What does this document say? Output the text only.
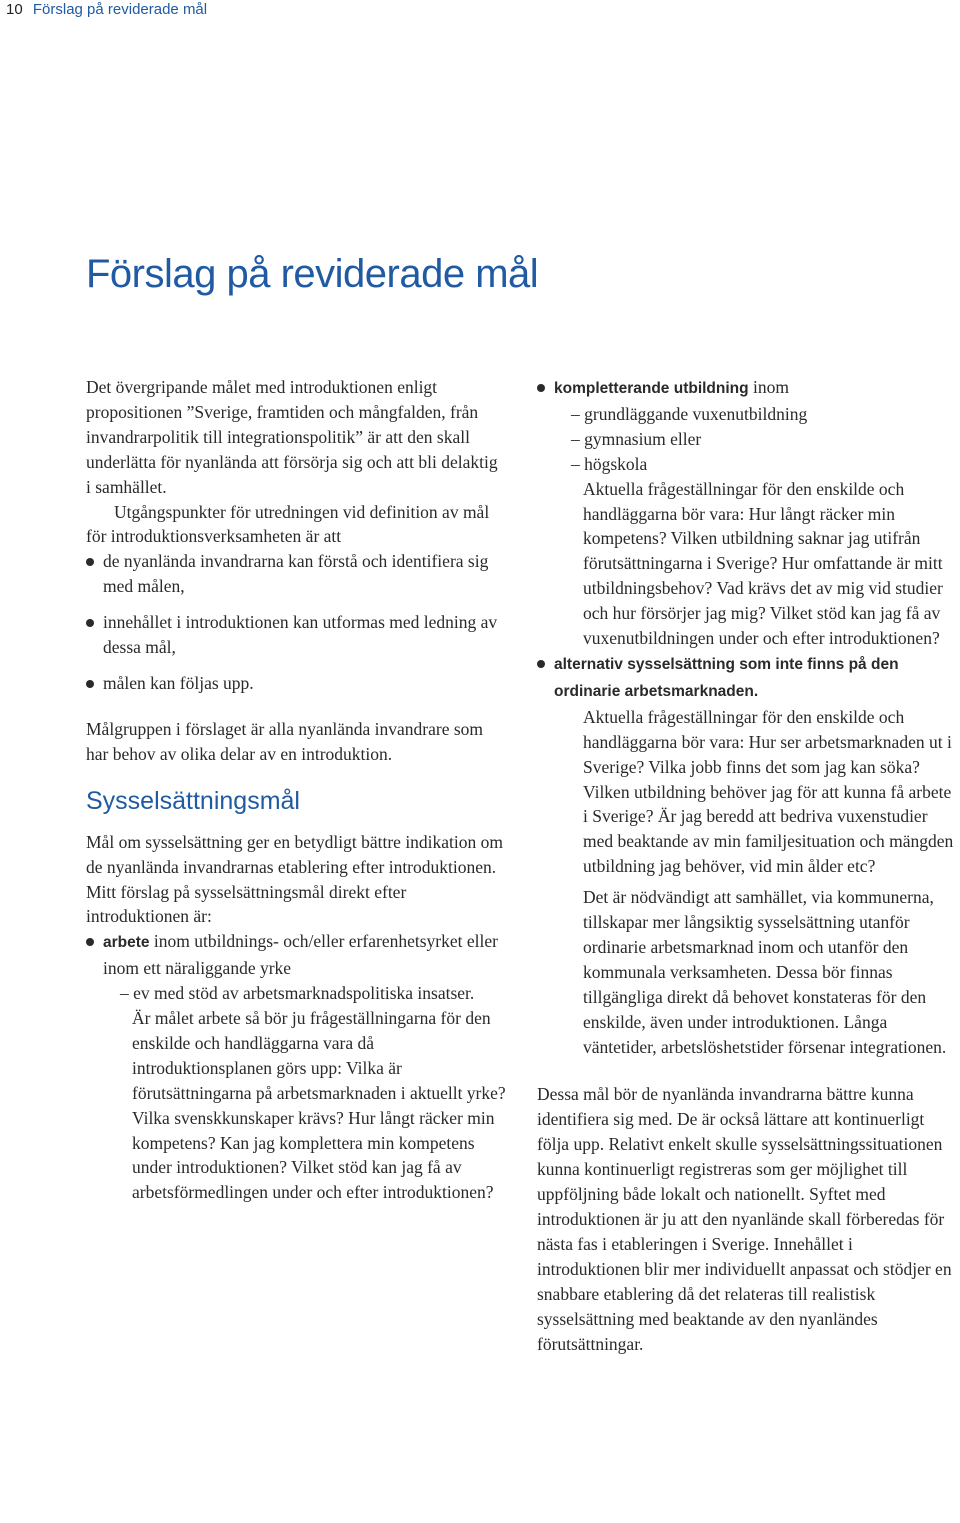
10 Förslag på reviderade mål
Förslag på reviderade mål

Det övergripande målet med introduktionen enligt propositionen ”Sverige, framtiden och mångfalden, från invandrarpolitik till integrationspolitik” är att den skall underlätta för nyanlända att försörja sig och att bli delaktig i samhället.

Utgångspunkter för utredningen vid definition av mål för introduktionsverksamheten är att

de nyanlända invandrarna kan förstå och identifiera sig med målen,
innehållet i introduktionen kan utformas med ledning av dessa mål,
målen kan följas upp.

Målgruppen i förslaget är alla nyanlända invandrare som har behov av olika delar av en introduktion.

Sysselsättningsmål

Mål om sysselsättning ger en betydligt bättre indikation om de nyanlända invandrarnas etablering efter introduktionen. Mitt förslag på sysselsättningsmål direkt efter introduktionen är:

arbete inom utbildnings- och/eller erfarenhetsyrket eller inom ett näraliggande yrke
– ev med stöd av arbetsmarknadspolitiska insatser.
Är målet arbete så bör ju frågeställningarna för den enskilde och handläggarna vara då introduktionsplanen görs upp: Vilka är förutsättningarna på arbetsmarknaden i aktuellt yrke? Vilka svenskkunskaper krävs? Hur långt räcker min kompetens? Kan jag komplettera min kompetens under introduktionen? Vilket stöd kan jag få av arbetsförmedlingen under och efter introduktionen?
kompletterande utbildning inom
– grundläggande vuxenutbildning
– gymnasium eller
– högskola
Aktuella frågeställningar för den enskilde och handläggarna bör vara: Hur långt räcker min kompetens? Vilken utbildning saknar jag utifrån förutsättningarna i Sverige? Hur omfattande är mitt utbildningsbehov? Vad krävs det av mig vid studier och hur försörjer jag mig? Vilket stöd kan jag få av vuxenutbildningen under och efter introduktionen?
alternativ sysselsättning som inte finns på den ordinarie arbetsmarknaden.
Aktuella frågeställningar för den enskilde och handläggarna bör vara: Hur ser arbetsmarknaden ut i Sverige? Vilka jobb finns det som jag kan söka? Vilken utbildning behöver jag för att kunna få arbete i Sverige? Är jag beredd att bedriva vuxenstudier med beaktande av min familjesituation och mängden utbildning jag behöver, vid min ålder etc?
Det är nödvändigt att samhället, via kommunerna, tillskapar mer långsiktig sysselsättning utanför ordinarie arbetsmarknad inom och utanför den kommunala verksamheten. Dessa bör finnas tillgängliga direkt då behovet konstateras för den enskilde, även under introduktionen. Långa väntetider, arbetslöshetstider försenar integrationen.

Dessa mål bör de nyanlända invandrarna bättre kunna identifiera sig med. De är också lättare att kontinuerligt följa upp. Relativt enkelt skulle sysselsättningssituationen kunna kontinuerligt registreras som ger möjlighet till uppföljning både lokalt och nationellt. Syftet med introduktionen är ju att den nyanlände skall förberedas för nästa fas i etableringen i Sverige. Innehållet i introduktionen blir mer individuellt anpassat och stödjer en snabbare etablering då det relateras till realistisk sysselsättning med beaktande av den nyanländes förutsättningar.
